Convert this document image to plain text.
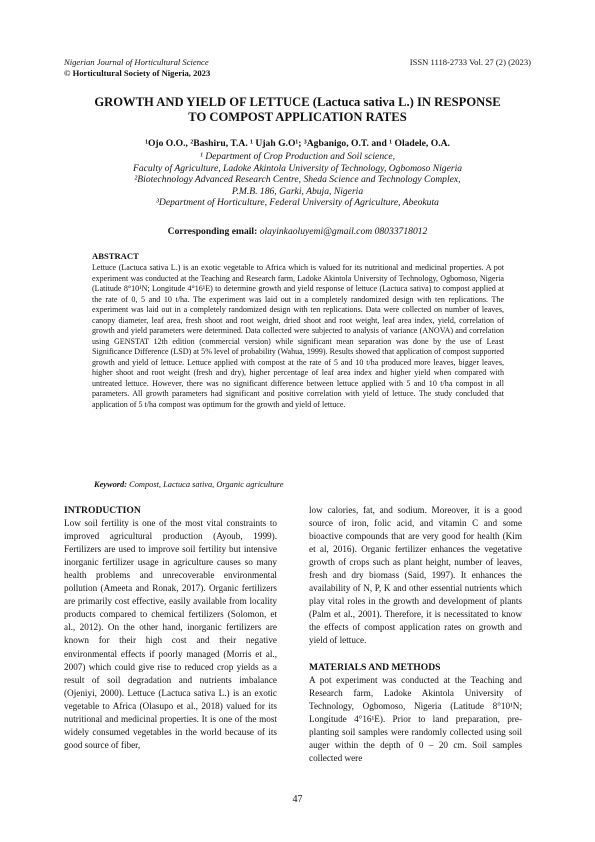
Nigerian Journal of Horticultural Science	ISSN 1118-2733 Vol. 27 (2) (2023)
© Horticultural Society of Nigeria, 2023
GROWTH AND YIELD OF LETTUCE (Lactuca sativa L.) IN RESPONSE
TO COMPOST APPLICATION RATES
¹Ojo O.O., ²Bashiru, T.A. ¹ Ujah G.O¹; ³Agbanigo, O.T. and ¹ Oladele, O.A.
¹ Department of Crop Production and Soil science,
Faculty of Agriculture, Ladoke Akintola University of Technology, Ogbomoso Nigeria
²Biotechnology Advanced Research Centre, Sheda Science and Technology Complex,
P.M.B. 186, Garki, Abuja, Nigeria
³Department of Horticulture, Federal University of Agriculture, Abeokuta
Corresponding email: olayinkaoluyemi@gmail.com 08033718012
ABSTRACT
Lettuce (Lactuca sativa L.) is an exotic vegetable to Africa which is valued for its nutritional and medicinal properties. A pot experiment was conducted at the Teaching and Research farm, Ladoke Akintola University of Technology, Ogbomoso, Nigeria (Latitude 8°10¹N; Longitude 4°16¹E) to determine growth and yield response of lettuce (Lactuca sativa) to compost applied at the rate of 0, 5 and 10 t/ha. The experiment was laid out in a completely randomized design with ten replications. The experiment was laid out in a completely randomized design with ten replications. Data were collected on number of leaves, canopy diameter, leaf area, fresh shoot and root weight, dried shoot and root weight, leaf area index, yield, correlation of growth and yield parameters were determined. Data collected were subjected to analysis of variance (ANOVA) and correlation using GENSTAT 12th edition (commercial version) while significant mean separation was done by the use of Least Significance Difference (LSD) at 5% level of probability (Wahua, 1999). Results showed that application of compost supported growth and yield of lettuce. Lettuce applied with compost at the rate of 5 and 10 t/ha produced more leaves, bigger leaves, higher shoot and root weight (fresh and dry), higher percentage of leaf area index and higher yield when compared with untreated lettuce. However, there was no significant difference between lettuce applied with 5 and 10 t/ha compost in all parameters. All growth parameters had significant and positive correlation with yield of lettuce. The study concluded that application of 5 t/ha compost was optimum for the growth and yield of lettuce.
Keyword: Compost, Lactuca sativa, Organic agriculture
INTRODUCTION
Low soil fertility is one of the most vital constraints to improved agricultural production (Ayoub, 1999). Fertilizers are used to improve soil fertility but intensive inorganic fertilizer usage in agriculture causes so many health problems and unrecoverable environmental pollution (Ameeta and Ronak, 2017). Organic fertilizers are primarily cost effective, easily available from locality products compared to chemical fertilizers (Solomon, et al., 2012). On the other hand, inorganic fertilizers are known for their high cost and their negative environmental effects if poorly managed (Morris et al., 2007) which could give rise to reduced crop yields as a result of soil degradation and nutrients imbalance (Ojeniyi, 2000). Lettuce (Lactuca sativa L.) is an exotic vegetable to Africa (Olasupo et al., 2018) valued for its nutritional and medicinal properties. It is one of the most widely consumed vegetables in the world because of its good source of fiber,
low calories, fat, and sodium. Moreover, it is a good source of iron, folic acid, and vitamin C and some bioactive compounds that are very good for health (Kim et al, 2016). Organic fertilizer enhances the vegetative growth of crops such as plant height, number of leaves, fresh and dry biomass (Said, 1997). It enhances the availability of N, P, K and other essential nutrients which play vital roles in the growth and development of plants (Palm et al., 2001). Therefore, it is necessitated to know the effects of compost application rates on growth and yield of lettuce.
MATERIALS AND METHODS
A pot experiment was conducted at the Teaching and Research farm, Ladoke Akintola University of Technology, Ogbomoso, Nigeria (Latitude 8°10¹N; Longitude 4°16¹E). Prior to land preparation, pre-planting soil samples were randomly collected using soil auger within the depth of 0 – 20 cm. Soil samples collected were
47
